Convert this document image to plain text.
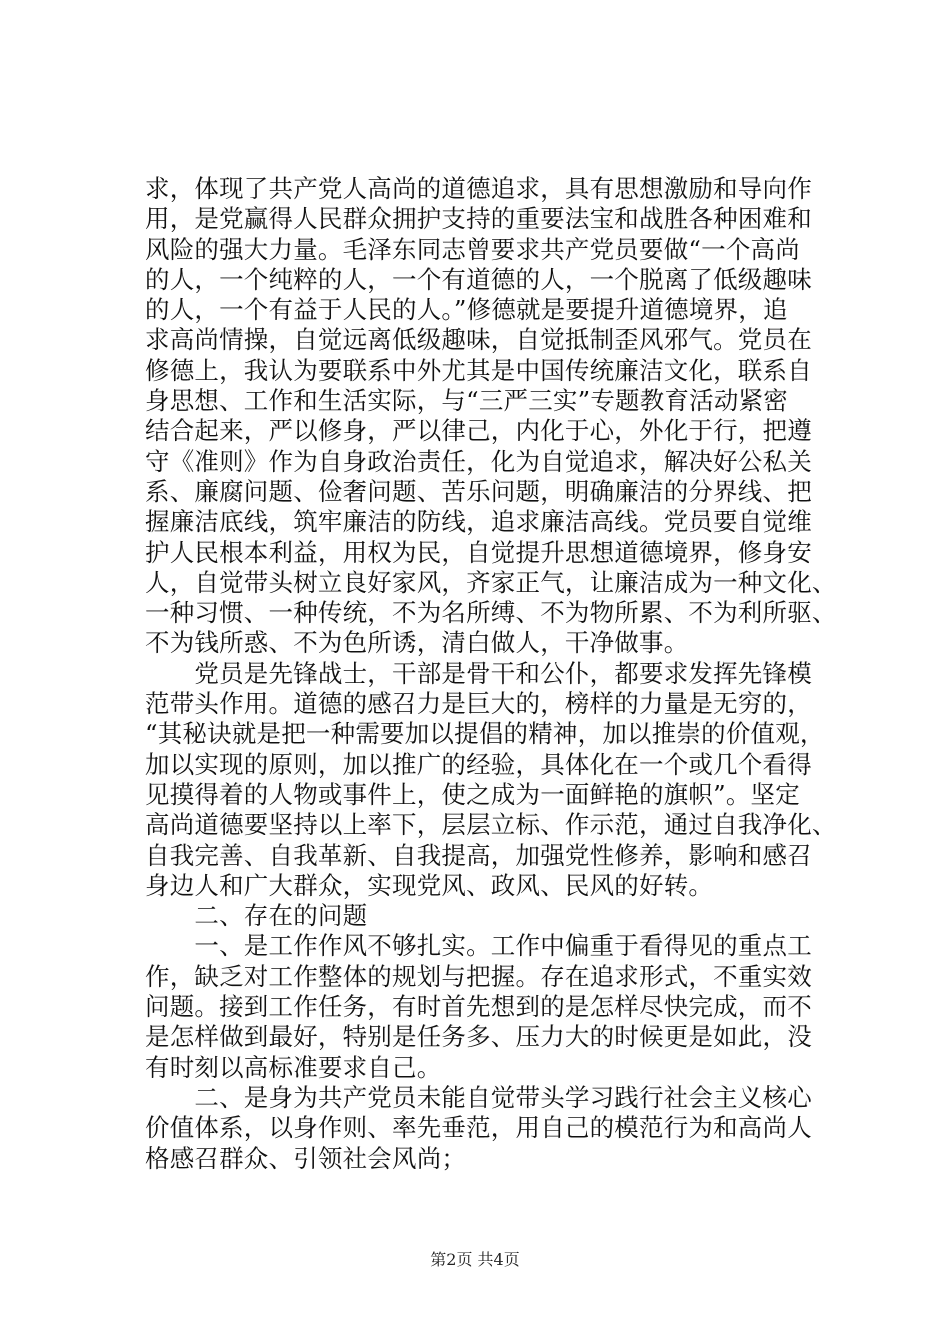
求，体现了共产党人高尚的道德追求，具有思想激励和导向作
用，是党赢得人民群众拥护支持的重要法宝和战胜各种困难和
风险的强大力量。毛泽东同志曾要求共产党员要做“一个高尚
的人，一个纯粹的人，一个有道德的人，一个脱离了低级趣味
的人，一个有益于人民的人。”修德就是要提升道德境界，追
求高尚情操，自觉远离低级趣味，自觉抵制歪风邪气。党员在
修德上，我认为要联系中外尤其是中国传统廉洁文化，联系自
身思想、工作和生活实际，与“三严三实”专题教育活动紧密
结合起来，严以修身，严以律己，内化于心，外化于行，把遵
守《准则》作为自身政治责任，化为自觉追求，解决好公私关
系、廉腐问题、俭奢问题、苦乐问题，明确廉洁的分界线、把
握廉洁底线，筑牢廉洁的防线，追求廉洁高线。党员要自觉维
护人民根本利益，用权为民，自觉提升思想道德境界，修身安
人，自觉带头树立良好家风，齐家正气，让廉洁成为一种文化、
一种习惯、一种传统，不为名所缚、不为物所累、不为利所驱、
不为钱所惑、不为色所诱，清白做人，干净做事。
　　党员是先锋战士，干部是骨干和公仆，都要求发挥先锋模
范带头作用。道德的感召力是巨大的，榜样的力量是无穷的，
“其秘诀就是把一种需要加以提倡的精神，加以推崇的价值观，
加以实现的原则，加以推广的经验，具体化在一个或几个看得
见摸得着的人物或事件上，使之成为一面鲜艳的旗帜”。坚定
高尚道德要坚持以上率下，层层立标、作示范，通过自我净化、
自我完善、自我革新、自我提高，加强党性修养，影响和感召
身边人和广大群众，实现党风、政风、民风的好转。
　　二、存在的问题
　　一、是工作作风不够扎实。工作中偏重于看得见的重点工
作，缺乏对工作整体的规划与把握。存在追求形式，不重实效
问题。接到工作任务，有时首先想到的是怎样尽快完成，而不
是怎样做到最好，特别是任务多、压力大的时候更是如此，没
有时刻以高标准要求自己。
　　二、是身为共产党员未能自觉带头学习践行社会主义核心
价值体系，以身作则、率先垂范，用自己的模范行为和高尚人
格感召群众、引领社会风尚；
第2页 共4页
